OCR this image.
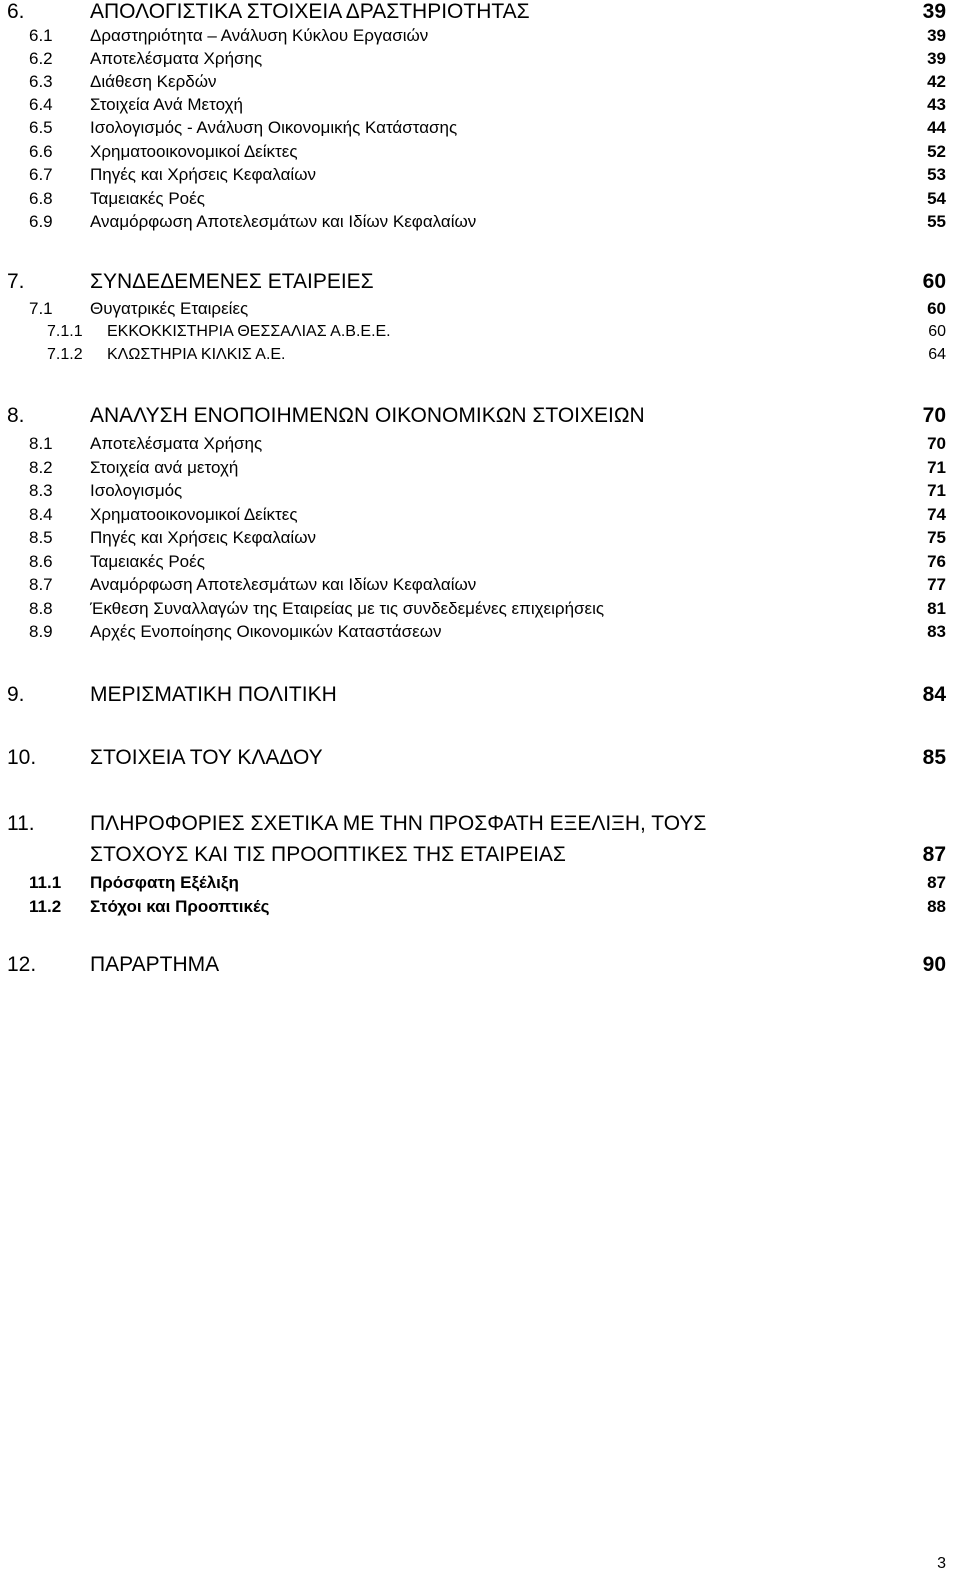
6.	ΑΠΟΛΟΓΙΣΤΙΚΑ ΣΤΟΙΧΕΙΑ ΔΡΑΣΤΗΡΙΟΤΗΤΑΣ	39
6.1 Δραστηριότητα – Ανάλυση Κύκλου Εργασιών	39
6.2 Αποτελέσματα Χρήσης	39
6.3 Διάθεση Κερδών	42
6.4 Στοιχεία Ανά Μετοχή	43
6.5 Ισολογισμός - Ανάλυση Οικονομικής Κατάστασης	44
6.6 Χρηματοοικονομικοί Δείκτες	52
6.7 Πηγές και Χρήσεις Κεφαλαίων	53
6.8 Ταμειακές Ροές	54
6.9 Αναμόρφωση Αποτελεσμάτων και Ιδίων Κεφαλαίων	55
7.	ΣΥΝΔΕΔΕΜΕΝΕΣ ΕΤΑΙΡΕΙΕΣ	60
7.1 Θυγατρικές Εταιρείες	60
7.1.1 ΕΚΚΟΚΚΙΣΤΗΡΙΑ ΘΕΣΣΑΛΙΑΣ Α.Β.Ε.Ε.	60
7.1.2 ΚΛΩΣΤΗΡΙΑ ΚΙΛΚΙΣ Α.Ε.	64
8.	ΑΝΑΛΥΣΗ ΕΝΟΠΟΙΗΜΕΝΩΝ ΟΙΚΟΝΟΜΙΚΩΝ ΣΤΟΙΧΕΙΩΝ	70
8.1 Αποτελέσματα Χρήσης	70
8.2 Στοιχεία ανά μετοχή	71
8.3 Ισολογισμός	71
8.4 Χρηματοοικονομικοί Δείκτες	74
8.5 Πηγές και Χρήσεις Κεφαλαίων	75
8.6 Ταμειακές Ροές	76
8.7 Αναμόρφωση Αποτελεσμάτων και Ιδίων Κεφαλαίων	77
8.8 Έκθεση Συναλλαγών της Εταιρείας με τις συνδεδεμένες επιχειρήσεις	81
8.9 Αρχές Ενοποίησης Οικονομικών Καταστάσεων	83
9.	ΜΕΡΙΣΜΑΤΙΚΗ ΠΟΛΙΤΙΚΗ	84
10.	ΣΤΟΙΧΕΙΑ ΤΟΥ ΚΛΑΔΟΥ	85
11.	ΠΛΗΡΟΦΟΡΙΕΣ ΣΧΕΤΙΚΑ ΜΕ ΤΗΝ ΠΡΟΣΦΑΤΗ ΕΞΕΛΙΞΗ, ΤΟΥΣ
ΣΤΟΧΟΥΣ ΚΑΙ ΤΙΣ ΠΡΟΟΠΤΙΚΕΣ ΤΗΣ ΕΤΑΙΡΕΙΑΣ	87
11.1 Πρόσφατη Εξέλιξη	87
11.2 Στόχοι και Προοπτικές	88
12.	ΠΑΡΑΡΤΗΜΑ	90
3
